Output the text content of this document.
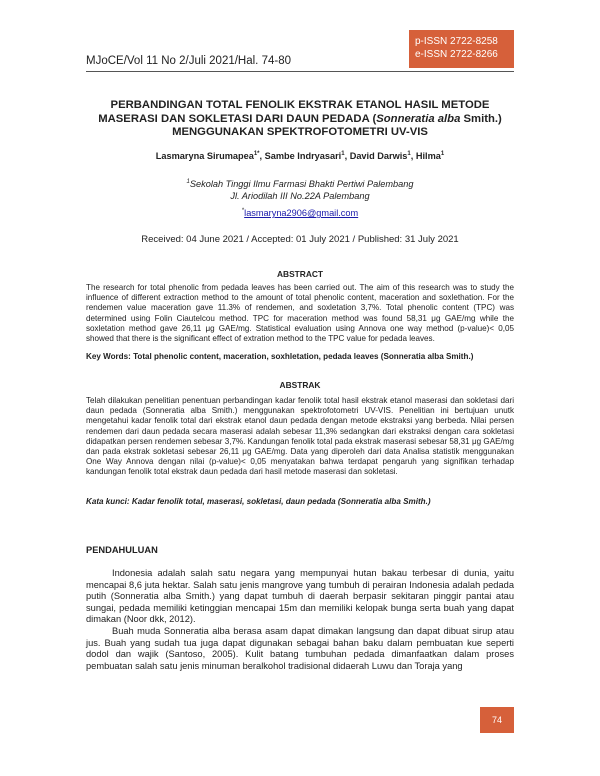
p-ISSN 2722-8258
e-ISSN 2722-8266
MJoCE/Vol 11 No 2/Juli 2021/Hal. 74-80
PERBANDINGAN TOTAL FENOLIK EKSTRAK ETANOL HASIL METODE
MASERASI DAN SOKLETASI DARI DAUN PEDADA (Sonneratia alba Smith.)
MENGGUNAKAN SPEKTROFOTOMETRI UV-VIS
Lasmaryna Sirumapea$^{1*}$, Sambe Indryasari$^1$, David Darwis$^1$, Hilma$^1$
$^1$Sekolah Tinggi Ilmu Farmasi Bhakti Pertiwi Palembang
Jl. Ariodilah III No.22A Palembang
*lasmaryna2906@gmail.com
Received: 04 June 2021 / Accepted: 01 July 2021 / Published: 31 July 2021
ABSTRACT
The research for total phenolic from pedada leaves has been carried out. The aim of this research was to study the influence of different extraction method to the amount of total phenolic content, maceration and soxlethation. For the rendemen value maceration gave 11.3% of rendemen, and soxletation 3,7%. Total phenolic content (TPC) was determined using Folin Ciautelcou method. TPC for maceration method was found 58,31 μg GAE/mg while the soxletation method gave 26,11 μg GAE/mg. Statistical evaluation using Annova one way method (p-value)< 0,05 showed that there is the significant effect of extration method to the TPC value for pedada leaves.
Key Words: Total phenolic content, maceration, soxhletation, pedada leaves (Sonneratia alba Smith.)
ABSTRAK
Telah dilakukan penelitian penentuan perbandingan kadar fenolik total hasil ekstrak etanol maserasi dan sokletasi dari daun pedada (Sonneratia alba Smith.) menggunakan spektrofotometri UV-VIS. Penelitian ini bertujuan unutk mengetahui kadar fenolik total dari ekstrak etanol daun pedada dengan metode ekstraksi yang berbeda. Nilai persen rendemen dari daun pedada secara maserasi adalah sebesar 11,3% sedangkan dari ekstraksi dengan cara sokletasi didapatkan persen rendemen sebesar 3,7%. Kandungan fenolik total pada ekstrak maserasi sebesar 58,31 μg GAE/mg dan pada ekstrak sokletasi sebesar 26,11 μg GAE/mg. Data yang diperoleh dari data Analisa statistik menggunakan One Way Annova dengan nilai (p-value)< 0,05 menyatakan bahwa terdapat pengaruh yang signifikan terhadap kandungan fenolik total ekstrak daun pedada dari hasil metode maserasi dan sokletasi.
Kata kunci: Kadar fenolik total, maserasi, sokletasi, daun pedada (Sonneratia alba Smith.)
PENDAHULUAN
Indonesia adalah salah satu negara yang mempunyai hutan bakau terbesar di dunia, yaitu mencapai 8,6 juta hektar. Salah satu jenis mangrove yang tumbuh di perairan Indonesia adalah pedada putih (Sonneratia alba Smith.) yang dapat tumbuh di daerah berpasir sekitaran pinggir pantai atau sungai, pedada memiliki ketinggian mencapai 15m dan memiliki kelopak bunga serta buah yang dapat dimakan (Noor dkk, 2012).
Buah muda Sonneratia alba berasa asam dapat dimakan langsung dan dapat dibuat sirup atau jus. Buah yang sudah tua juga dapat digunakan sebagai bahan baku dalam pembuatan kue seperti dodol dan wajik (Santoso, 2005). Kulit batang tumbuhan pedada dimanfaatkan dalam proses pembuatan salah satu jenis minuman beralkohol tradisional didaerah Luwu dan Toraja yang
74
